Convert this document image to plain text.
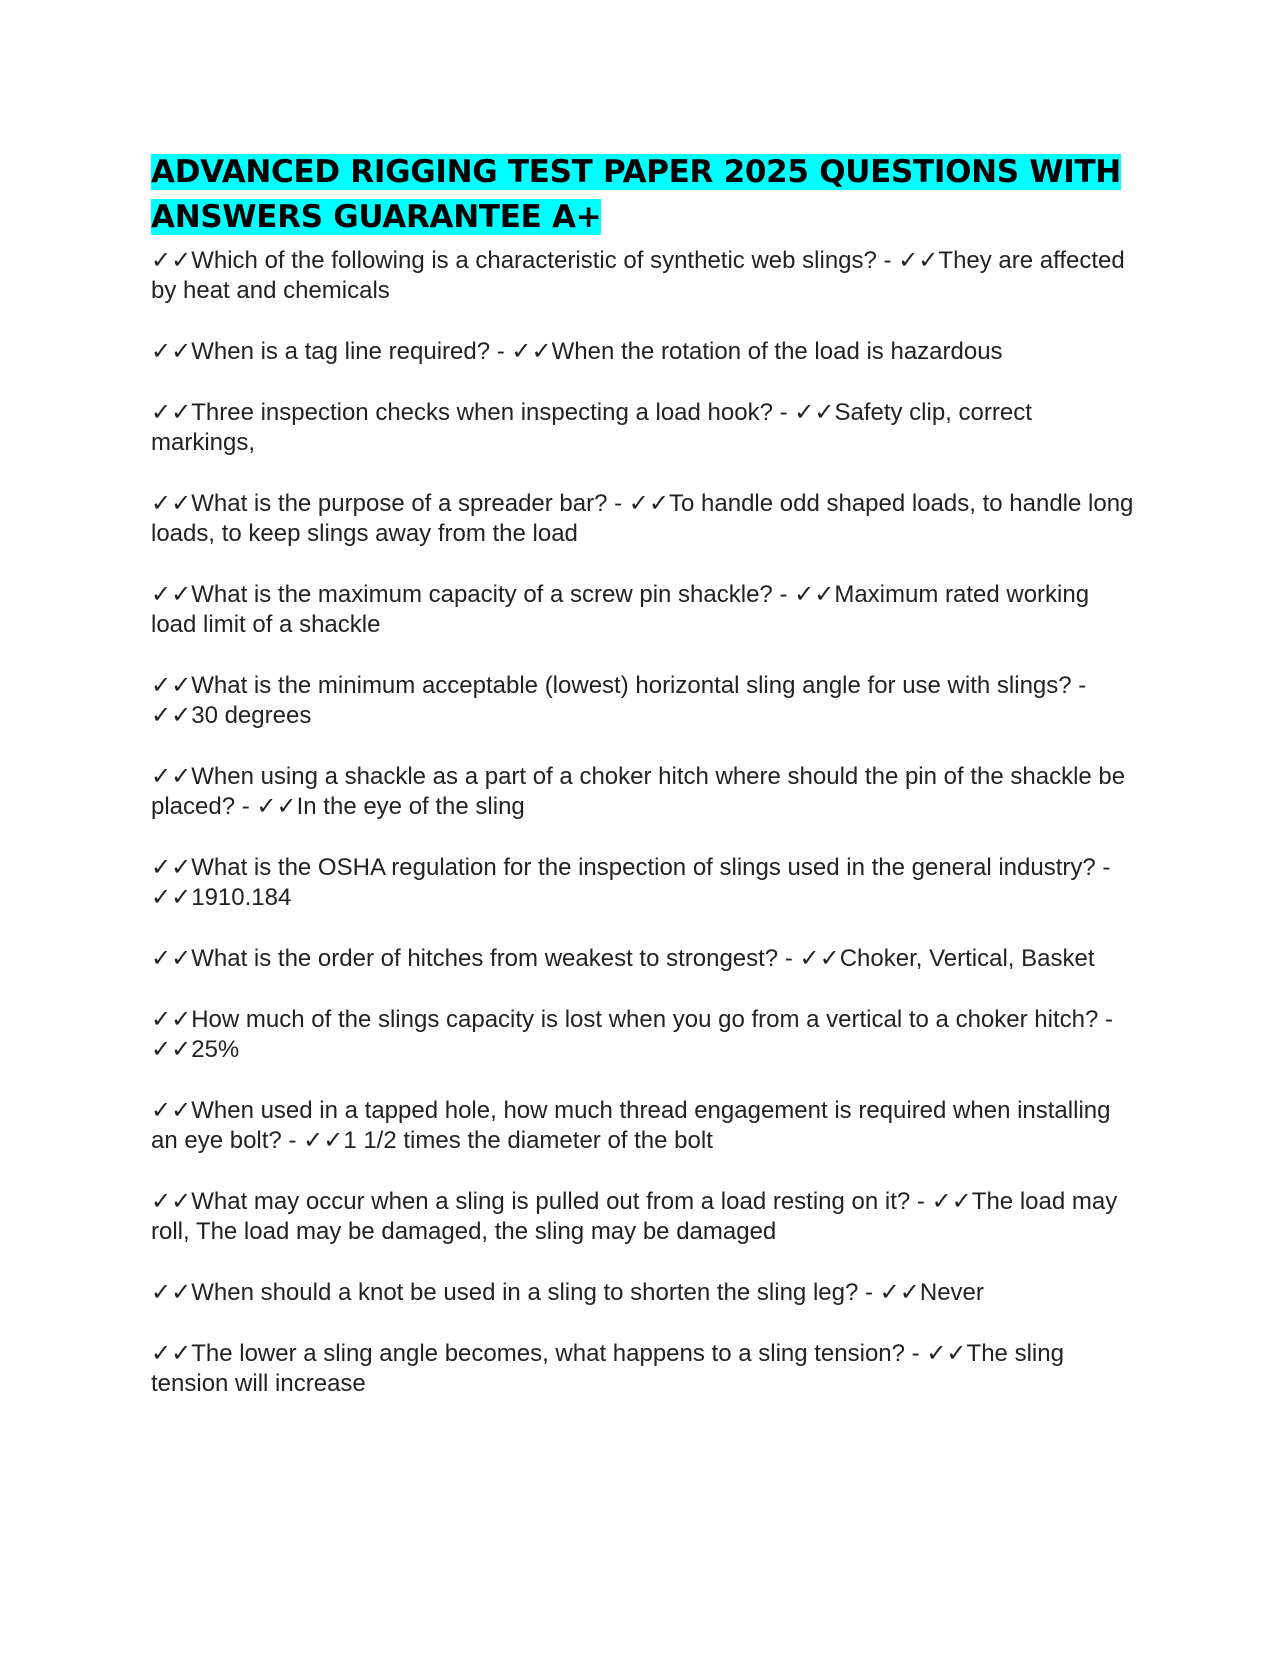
ADVANCED RIGGING TEST PAPER 2025 QUESTIONS WITH ANSWERS GUARANTEE A+

✓✓Which of the following is a characteristic of synthetic web slings? - ✓✓They are affected by heat and chemicals

✓✓When is a tag line required? - ✓✓When the rotation of the load is hazardous

✓✓Three inspection checks when inspecting a load hook? - ✓✓Safety clip, correct markings,

✓✓What is the purpose of a spreader bar? - ✓✓To handle odd shaped loads, to handle long loads, to keep slings away from the load

✓✓What is the maximum capacity of a screw pin shackle? - ✓✓Maximum rated working load limit of a shackle

✓✓What is the minimum acceptable (lowest) horizontal sling angle for use with slings? - ✓✓30 degrees

✓✓When using a shackle as a part of a choker hitch where should the pin of the shackle be placed? - ✓✓In the eye of the sling

✓✓What is the OSHA regulation for the inspection of slings used in the general industry? - ✓✓1910.184

✓✓What is the order of hitches from weakest to strongest? - ✓✓Choker, Vertical, Basket

✓✓How much of the slings capacity is lost when you go from a vertical to a choker hitch? - ✓✓25%

✓✓When used in a tapped hole, how much thread engagement is required when installing an eye bolt? - ✓✓1 1/2 times the diameter of the bolt

✓✓What may occur when a sling is pulled out from a load resting on it? - ✓✓The load may roll, The load may be damaged, the sling may be damaged

✓✓When should a knot be used in a sling to shorten the sling leg? - ✓✓Never

✓✓The lower a sling angle becomes, what happens to a sling tension? - ✓✓The sling tension will increase
